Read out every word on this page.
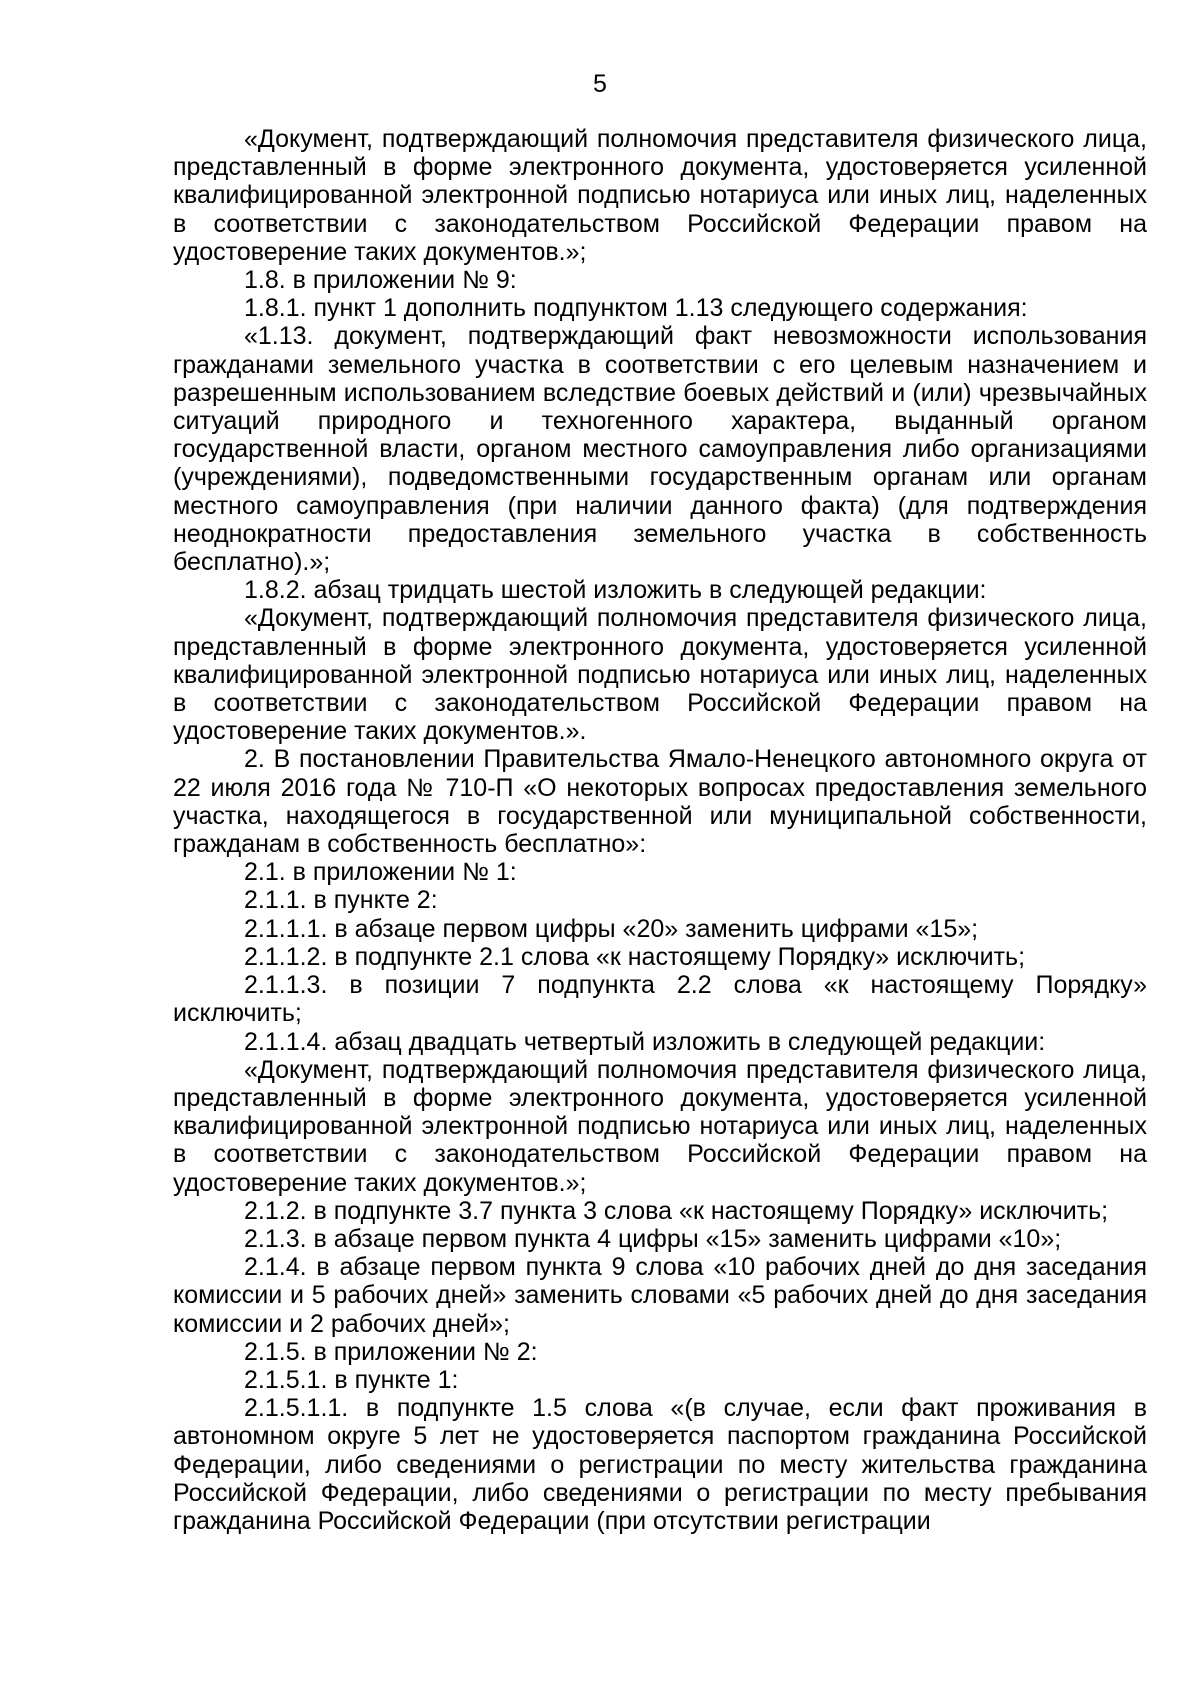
5

«Документ, подтверждающий полномочия представителя физического лица, представленный в форме электронного документа, удостоверяется усиленной квалифицированной электронной подписью нотариуса или иных лиц, наделенных в соответствии с законодательством Российской Федерации правом на удостоверение таких документов.»;

1.8. в приложении № 9:

1.8.1. пункт 1 дополнить подпунктом 1.13 следующего содержания:

«1.13. документ, подтверждающий факт невозможности использования гражданами земельного участка в соответствии с его целевым назначением и разрешенным использованием вследствие боевых действий и (или) чрезвычайных ситуаций природного и техногенного характера, выданный органом государственной власти, органом местного самоуправления либо организациями (учреждениями), подведомственными государственным органам или органам местного самоуправления (при наличии данного факта) (для подтверждения неоднократности предоставления земельного участка в собственность бесплатно).»;

1.8.2. абзац тридцать шестой изложить в следующей редакции:

«Документ, подтверждающий полномочия представителя физического лица, представленный в форме электронного документа, удостоверяется усиленной квалифицированной электронной подписью нотариуса или иных лиц, наделенных в соответствии с законодательством Российской Федерации правом на удостоверение таких документов.».

2. В постановлении Правительства Ямало-Ненецкого автономного округа от 22 июля 2016 года № 710-П «О некоторых вопросах предоставления земельного участка, находящегося в государственной или муниципальной собственности, гражданам в собственность бесплатно»:

2.1. в приложении № 1:

2.1.1. в пункте 2:

2.1.1.1. в абзаце первом цифры «20» заменить цифрами «15»;

2.1.1.2. в подпункте 2.1 слова «к настоящему Порядку» исключить;

2.1.1.3. в позиции 7 подпункта 2.2 слова «к настоящему Порядку» исключить;

2.1.1.4. абзац двадцать четвертый изложить в следующей редакции:

«Документ, подтверждающий полномочия представителя физического лица, представленный в форме электронного документа, удостоверяется усиленной квалифицированной электронной подписью нотариуса или иных лиц, наделенных в соответствии с законодательством Российской Федерации правом на удостоверение таких документов.»;

2.1.2. в подпункте 3.7 пункта 3 слова «к настоящему Порядку» исключить;

2.1.3. в абзаце первом пункта 4 цифры «15» заменить цифрами «10»;

2.1.4. в абзаце первом пункта 9 слова «10 рабочих дней до дня заседания комиссии и 5 рабочих дней» заменить словами «5 рабочих дней до дня заседания комиссии и 2 рабочих дней»;

2.1.5. в приложении № 2:

2.1.5.1. в пункте 1:

2.1.5.1.1. в подпункте 1.5 слова «(в случае, если факт проживания в автономном округе 5 лет не удостоверяется паспортом гражданина Российской Федерации, либо сведениями о регистрации по месту жительства гражданина Российской Федерации, либо сведениями о регистрации по месту пребывания гражданина Российской Федерации (при отсутствии регистрации
